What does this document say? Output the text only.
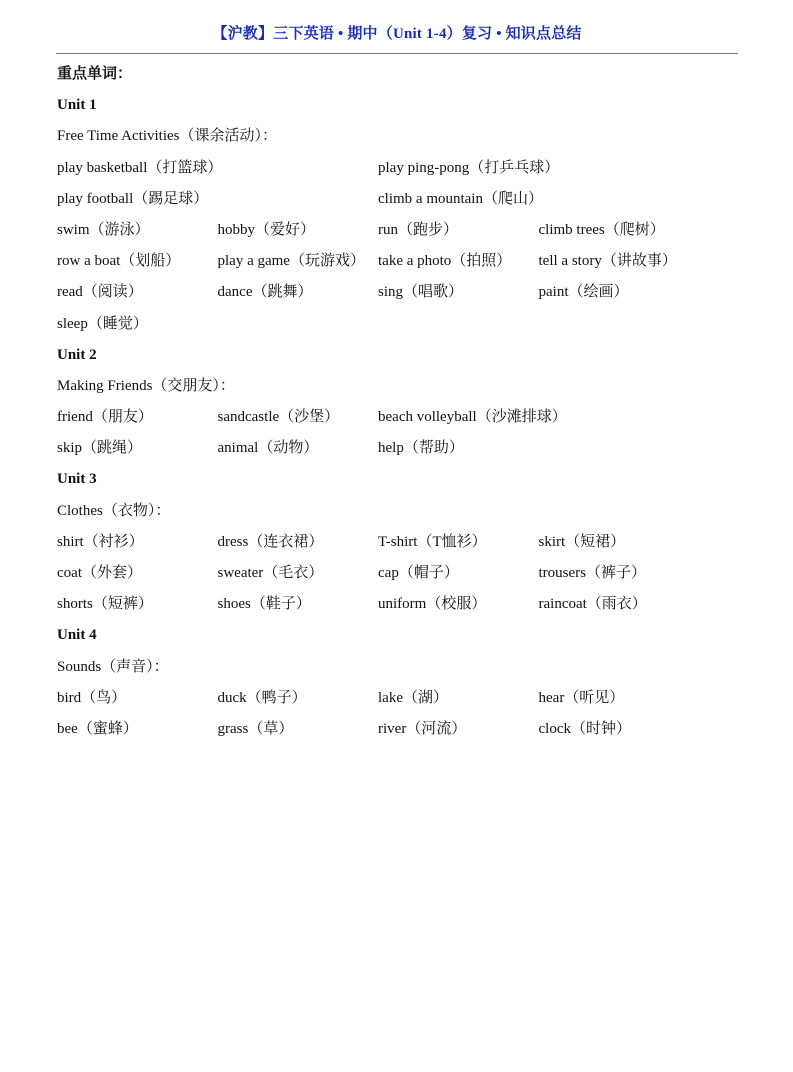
【沪教】三下英语 • 期中（Unit 1-4）复习 • 知识点总结
重点单词：
Unit 1
Free Time Activities（课余活动）：
play basketball（打篮球）	play ping-pong（打乒乓球）
play football（踢足球）	climb a mountain（爬山）
swim（游泳）	hobby（爱好）	run（跑步）	climb trees（爬树）
row a boat（划船）	play a game（玩游戏） take a photo（拍照）	tell a story（讲故事）
read（阅读）	dance（跳舞）	sing（唱歌）	paint（绘画）
sleep（睡觉）
Unit 2
Making Friends（交朋友）：
friend（朋友）	sandcastle（沙堡）	beach volleyball（沙滩排球）
skip（跳绳）	animal（动物）	help（帮助）
Unit 3
Clothes（衣物）：
shirt（衬衫）	dress（连衣裙）	T-shirt（T恤衫）	skirt（短裙）
coat（外套）	sweater（毛衣）	cap（帽子）	trousers（裤子）
shorts（短裤）	shoes（鞋子）	uniform（校服）	raincoat（雨衣）
Unit 4
Sounds（声音）：
bird（鸟）	duck（鸭子）	lake（湖）	hear（听见）
bee（蜜蜂）	grass（草）	river（河流）	clock（时钟）
